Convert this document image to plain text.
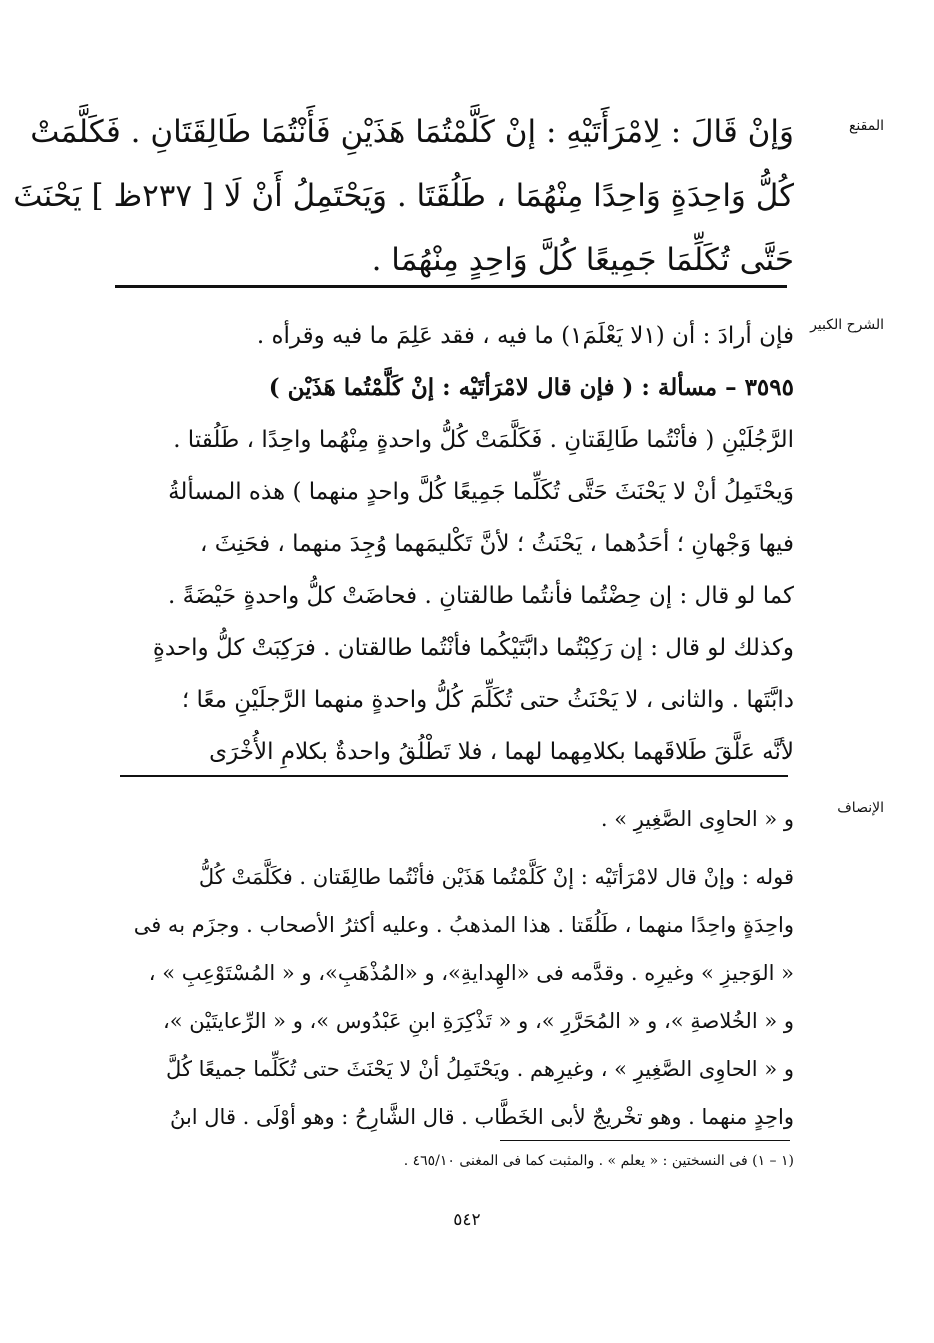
المقنع

وَإنْ قَالَ : لِامْرَأَتَيْهِ : إنْ كَلَّمْتُمَا هَذَيْنِ فَأَنْتُمَا طَالِقَتَانِ . فَكَلَّمَتْ

كُلُّ وَاحِدَةٍ وَاحِدًا مِنْهُمَا ، طَلُقَتَا . وَيَحْتَمِلُ أَنْ لَا [ ٢٣٧ظ ] يَحْنَثَ

حَتَّى تُكَلِّمَا جَمِيعًا كُلَّ وَاحِدٍ مِنْهُمَا .

الشرح الكبير

فإن أرادَ : أن (١لا يَعْلَمَ١) ما فيه ، فقد عَلِمَ ما فيه وقرأه .

٣٥٩٥ – مسألة : ( فإن قال لامْرَأتَيْه : إنْ كَلَّمْتُما هَذَيْن )

الرَّجُلَيْنِ ( فأنْتُما طَالِقَتانِ . فَكَلَّمَتْ كُلُّ واحدةٍ مِنْهُما واحِدًا ، طَلُقتا .

وَيحْتَمِلُ أنْ لا يَحْنَثَ حَتَّى تُكَلِّما جَمِيعًا كُلَّ واحدٍ منهما ) هذه المسألةُ

فيها وَجْهانِ ؛ أحَدُهما ، يَحْنَثُ ؛ لأنَّ تَكْليمَهما وُجِدَ منهما ، فحَنِثَ ،

كما لو قال : إن حِضْتُما فأنتُما طالقتانِ . فحاضَتْ كلُّ واحدةٍ حَيْضَةً .

وكذلك لو قال : إن رَكِبْتُما دابَّتَيْكُما فأنْتُما طالقتان . فرَكِبَتْ كلُّ واحدةٍ

دابَّتَها . والثانى ، لا يَحْنَثُ حتى تُكَلِّمَ كُلُّ واحدةٍ منهما الرَّجلَيْنِ معًا ؛

لأنَّه عَلَّقَ طَلاقَهما بكلامِهما لهما ، فلا تَطْلُقُ واحدةٌ بكلامِ الأُخْرَى

الإنصاف

و « الحاوِى الصَّغِيرِ » .

قوله : وإنْ قال لامْرَأتَيْه : إنْ كَلَّمْتُما هَذَيْن فأنْتُما طالِقَتان . فكَلَّمَتْ كُلُّ

واحِدَةٍ واحِدًا منهما ، طَلُقَتا . هذا المذهبُ . وعليه أكثرُ الأصحاب . وجزَم به فى

« الوَجيزِ » وغيرِه . وقدَّمه فى «الهِدايةِ»، و «المُذْهَبِ»، و « المُسْتَوْعِبِ » ،

و « الخُلاصةِ »، و « المُحَرَّرِ »، و « تَذْكِرَةِ ابنِ عَبْدُوس »، و « الرِّعايتَيْن »،

و « الحاوِى الصَّغِيرِ » ، وغيرِهم . ويَحْتَمِلُ أنْ لا يَحْنَثَ حتى تُكَلِّما جميعًا كُلَّ

واحِدٍ منهما . وهو تخْريجٌ لأبى الخَطَّاب . قال الشَّارِحُ : وهو أوْلَى . قال ابنُ

(١ – ١) فى النسختين : « يعلم » . والمثبت كما فى المغنى ٤٦٥/١٠ .
٥٤٢
